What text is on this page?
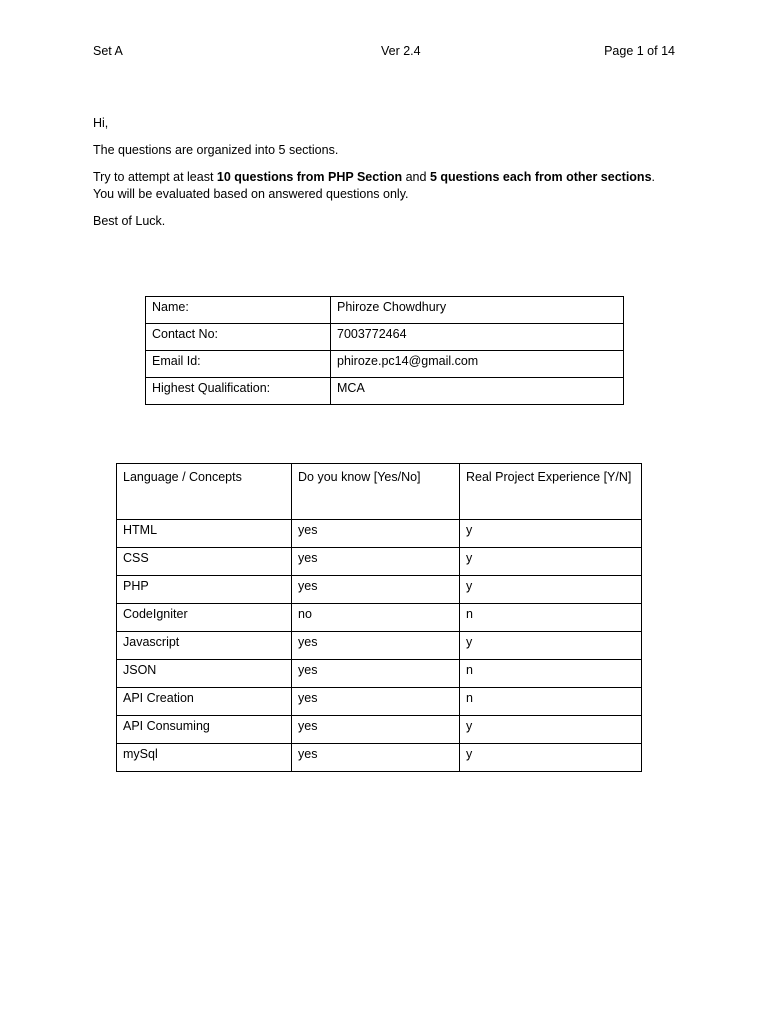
Set A	Ver 2.4	Page 1 of 14

Hi,

The questions are organized into 5 sections.

Try to attempt at least 10 questions from PHP Section and 5 questions each from other sections.
You will be evaluated based on answered questions only.

Best of Luck.

Name:	Phiroze Chowdhury
Contact No:	7003772464
Email Id:	phiroze.pc14@gmail.com
Highest Qualification:	MCA
Language / Concepts	Do you know [Yes/No]	Real Project Experience [Y/N]
HTML	yes	y
CSS	yes	y
PHP	yes	y
CodeIgniter	no	n
Javascript	yes	y
JSON	yes	n
API Creation	yes	n
API Consuming	yes	y
mySql	yes	y
